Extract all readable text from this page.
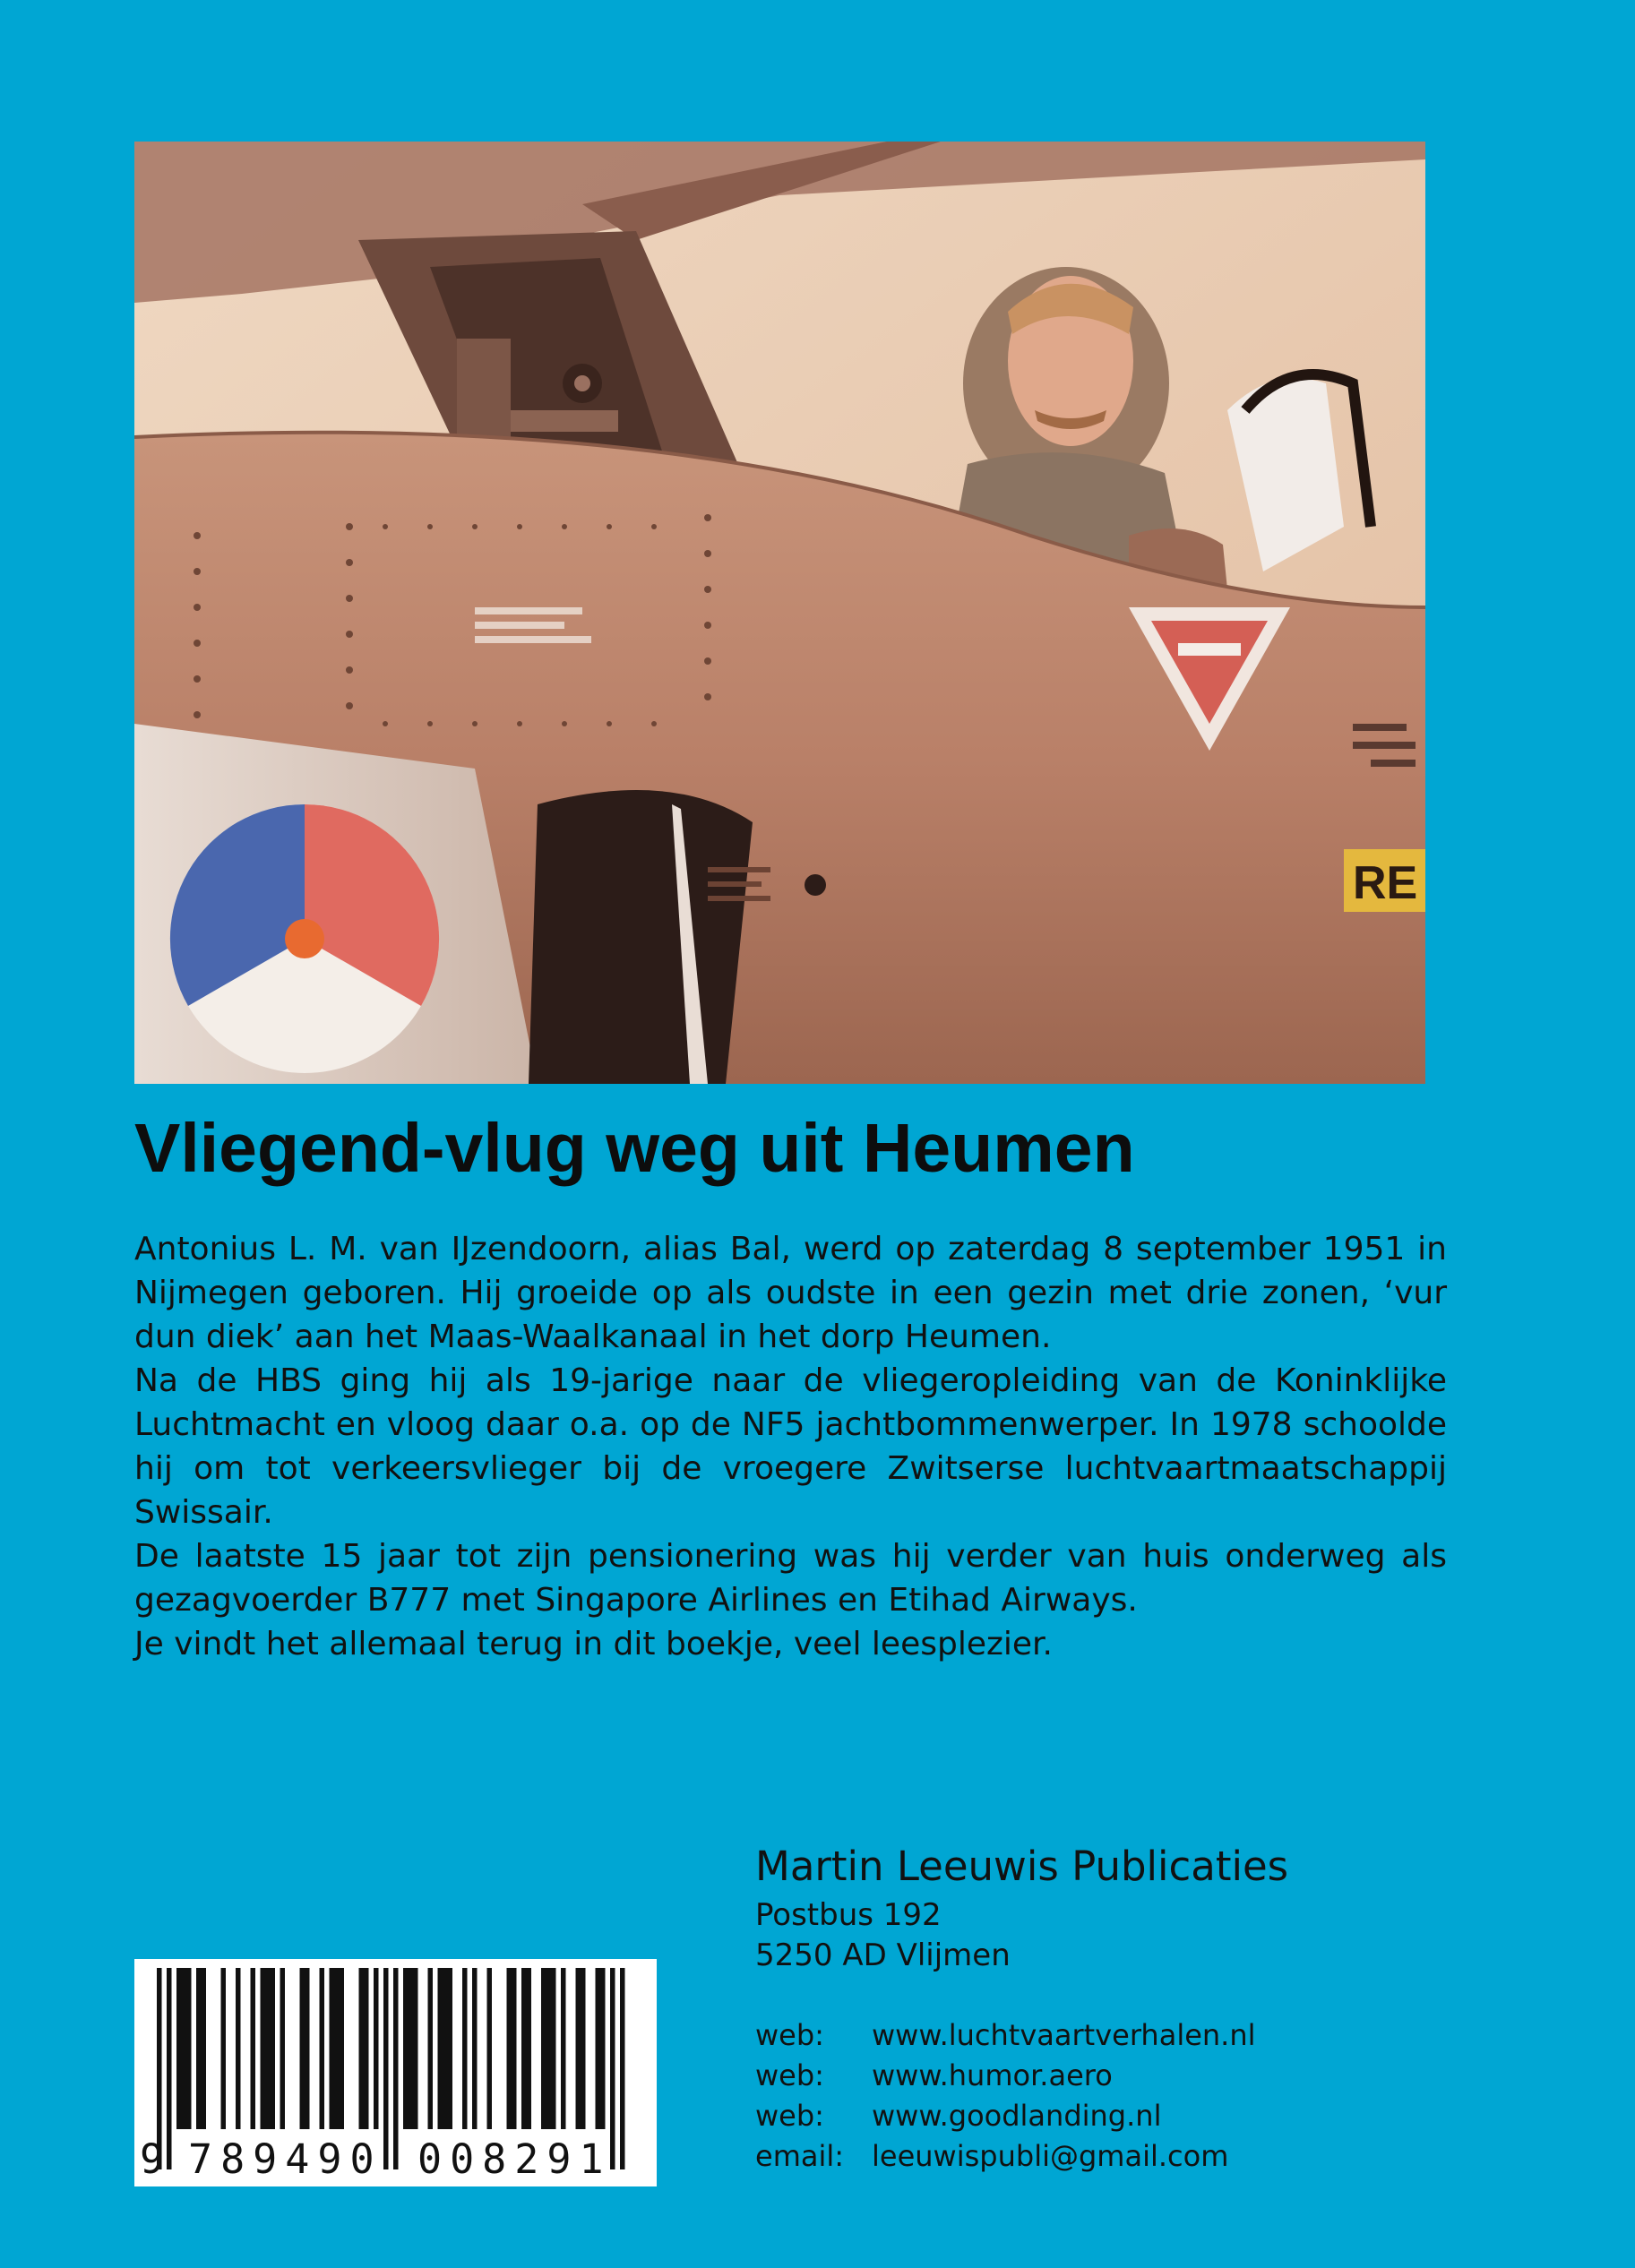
RE
Vliegend-vlug weg uit Heumen

Antonius L. M. van IJzendoorn, alias Bal, werd op zaterdag 8 september 1951 in Nijmegen geboren. Hij groeide op als oudste in een gezin met drie zonen, ‘vur dun diek’ aan het Maas-Waalkanaal in het dorp Heumen.

Na de HBS ging hij als 19-jarige naar de vliegeropleiding van de Koninklijke Luchtmacht en vloog daar o.a. op de NF5 jachtbommenwerper. In 1978 schoolde hij om tot verkeersvlieger bij de vroegere Zwitserse luchtvaartmaatschappij Swissair.

De laatste 15 jaar tot zijn pensionering was hij verder van huis onderweg als gezagvoerder B777 met Singapore Airlines en Etihad Airways.

Je vindt het allemaal terug in dit boekje, veel leesplezier.

9 789490 008291
Martin Leeuwis Publicaties
Postbus 192
5250 AD Vlijmen
web: www.luchtvaartverhalen.nl
web: www.humor.aero
web: www.goodlanding.nl
email: leeuwispubli@gmail.com
